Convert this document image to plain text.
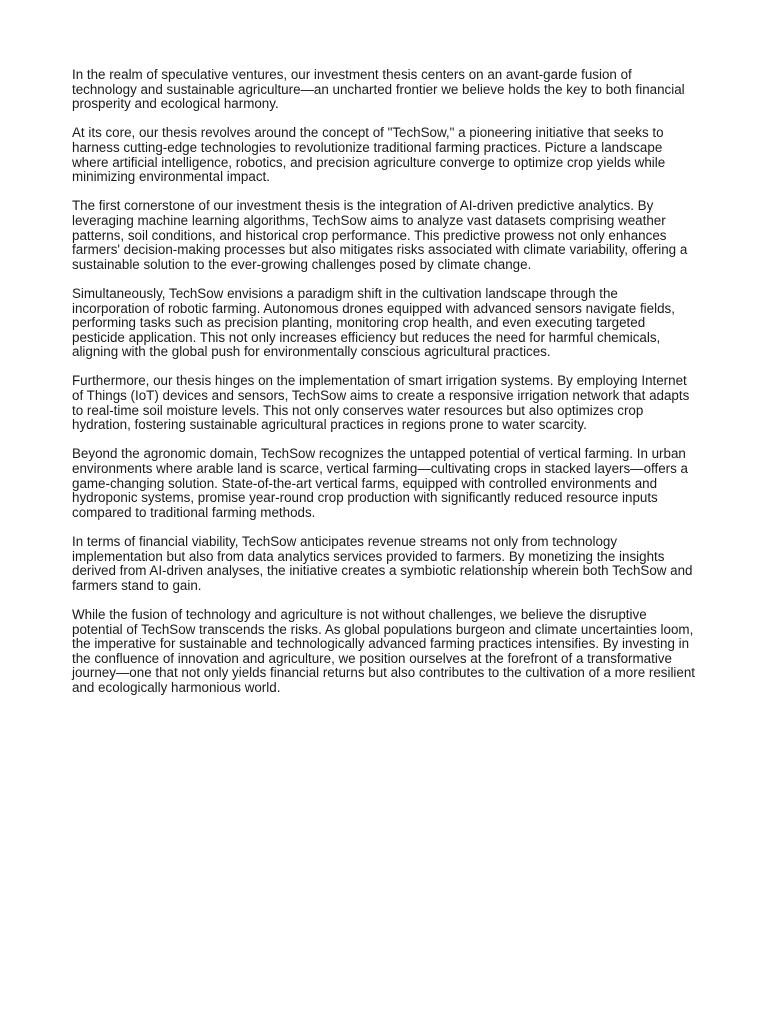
In the realm of speculative ventures, our investment thesis centers on an avant-garde fusion of technology and sustainable agriculture—an uncharted frontier we believe holds the key to both financial prosperity and ecological harmony.

At its core, our thesis revolves around the concept of "TechSow," a pioneering initiative that seeks to harness cutting-edge technologies to revolutionize traditional farming practices. Picture a landscape where artificial intelligence, robotics, and precision agriculture converge to optimize crop yields while minimizing environmental impact.

The first cornerstone of our investment thesis is the integration of AI-driven predictive analytics. By leveraging machine learning algorithms, TechSow aims to analyze vast datasets comprising weather patterns, soil conditions, and historical crop performance. This predictive prowess not only enhances farmers' decision-making processes but also mitigates risks associated with climate variability, offering a sustainable solution to the ever-growing challenges posed by climate change.

Simultaneously, TechSow envisions a paradigm shift in the cultivation landscape through the incorporation of robotic farming. Autonomous drones equipped with advanced sensors navigate fields, performing tasks such as precision planting, monitoring crop health, and even executing targeted pesticide application. This not only increases efficiency but reduces the need for harmful chemicals, aligning with the global push for environmentally conscious agricultural practices.

Furthermore, our thesis hinges on the implementation of smart irrigation systems. By employing Internet of Things (IoT) devices and sensors, TechSow aims to create a responsive irrigation network that adapts to real-time soil moisture levels. This not only conserves water resources but also optimizes crop hydration, fostering sustainable agricultural practices in regions prone to water scarcity.

Beyond the agronomic domain, TechSow recognizes the untapped potential of vertical farming. In urban environments where arable land is scarce, vertical farming—cultivating crops in stacked layers—offers a game-changing solution. State-of-the-art vertical farms, equipped with controlled environments and hydroponic systems, promise year-round crop production with significantly reduced resource inputs compared to traditional farming methods.

In terms of financial viability, TechSow anticipates revenue streams not only from technology implementation but also from data analytics services provided to farmers. By monetizing the insights derived from AI-driven analyses, the initiative creates a symbiotic relationship wherein both TechSow and farmers stand to gain.

While the fusion of technology and agriculture is not without challenges, we believe the disruptive potential of TechSow transcends the risks. As global populations burgeon and climate uncertainties loom, the imperative for sustainable and technologically advanced farming practices intensifies. By investing in the confluence of innovation and agriculture, we position ourselves at the forefront of a transformative journey—one that not only yields financial returns but also contributes to the cultivation of a more resilient and ecologically harmonious world.
